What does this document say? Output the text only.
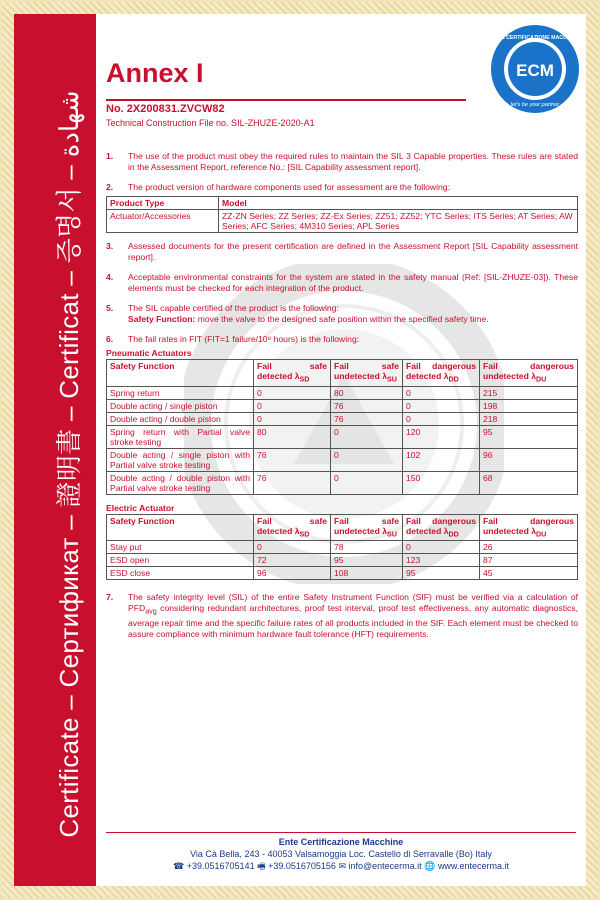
Certificate – Сертификат – 證明書 – Certificat – 증명서 – شهادة
Annex I
ENTE CERTIFICAZIONE MACCHINE
ECM
let's be your partner
No. 2X200831.ZVCW82
Technical Construction File no. SIL-ZHUZE-2020-A1
1.	The use of the product must obey the required rules to maintain the SIL 3 Capable properties. These rules are stated in the Assessment Report, reference No.: [SIL Capability assessment report].
2.	The product version of hardware components used for assessment are the following:
Product Type	Model
Actuator/Accessories	ZZ-ZN Series; ZZ Series; ZZ-Ex Series; ZZ51; ZZ52; YTC Series; ITS Series; AT Series; AW Series; AFC Series; 4M310 Series; APL Series
3.	Assessed documents for the present certification are defined in the Assessment Report [SIL Capability assessment report].
4.	Acceptable environmental constraints for the system are stated in the safety manual (Ref: [SIL-ZHUZE-03]). These elements must be checked for each integration of the product.
5.	The SIL capable certified of the product is the following:
Safety Function: move the valve to the designed safe position within the specified safety time.
6.	The fail rates in FIT (FIT=1 failure/10⁹ hours) is the following:
Pneumatic Actuators
Safety Function	Fail safe detected $\lambda_{SD}$	Fail safe undetected $\lambda_{SU}$	Fail dangerous detected $\lambda_{DD}$	Fail dangerous undetected $\lambda_{DU}$
Spring return	0	80	0	215
Double acting / single piston	0	76	0	198
Double acting / double piston	0	76	0	218
Spring return with Partial valve stroke testing	80	0	120	95
Double acting / single piston with Partial valve stroke testing	76	0	102	96
Double acting / double piston with Partial valve stroke testing	76	0	150	68
Electric Actuator
Safety Function	Fail safe detected $\lambda_{SD}$	Fail safe undetected $\lambda_{SU}$	Fail dangerous detected $\lambda_{DD}$	Fail dangerous undetected $\lambda_{DU}$
Stay put	0	78	0	26
ESD open	72	95	123	87
ESD close	96	108	95	45
7.	The safety integrity level (SIL) of the entire Safety Instrument Function (SIF) must be verified via a calculation of $PFD_{avg}$ considering redundant architectures, proof test interval, proof test effectiveness, any automatic diagnostics, average repair time and the specific failure rates of all products included in the SIF. Each element must be checked to assure compliance with minimum hardware fault tolerance (HFT) requirements.
Ente Certificazione Macchine
Via Cà Bella, 243 - 40053 Valsamoggia Loc. Castello di Serravalle (Bo) Italy
☎ +39.0516705141 🖷 +39.0516705156 ✉ info@entecerma.it 🌐 www.entecerma.it
